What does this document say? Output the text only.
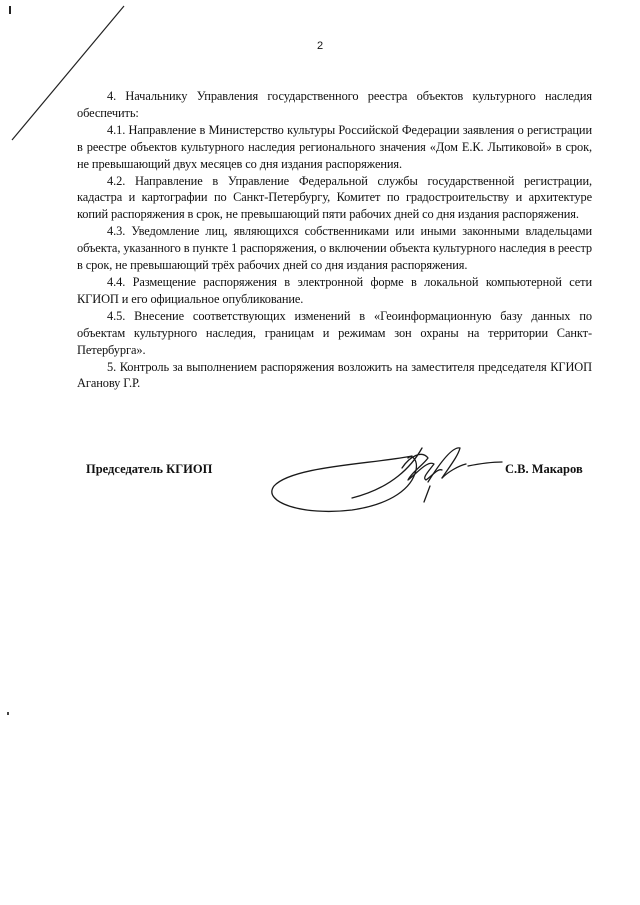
2

4. Начальнику Управления государственного реестра объектов культурного наследия обеспечить:

4.1. Направление в Министерство культуры Российской Федерации заявления о регистрации в реестре объектов культурного наследия регионального значения «Дом Е.К. Лытиковой» в срок, не превышающий двух месяцев со дня издания распоряжения.

4.2. Направление в Управление Федеральной службы государственной регистрации, кадастра и картографии по Санкт-Петербургу, Комитет по градостроительству и архитектуре копий распоряжения в срок, не превышающий пяти рабочих дней со дня издания распоряжения.

4.3. Уведомление лиц, являющихся собственниками или иными законными владельцами объекта, указанного в пункте 1 распоряжения, о включении объекта культурного наследия в реестр в срок, не превышающий трёх рабочих дней со дня издания распоряжения.

4.4. Размещение распоряжения в электронной форме в локальной компьютерной сети КГИОП и его официальное опубликование.

4.5. Внесение соответствующих изменений в «Геоинформационную базу данных по объектам культурного наследия, границам и режимам зон охраны на территории Санкт-Петербурга».

5. Контроль за выполнением распоряжения возложить на заместителя председателя КГИОП Аганову Г.Р.

Председатель КГИОП	С.В. Макаров
